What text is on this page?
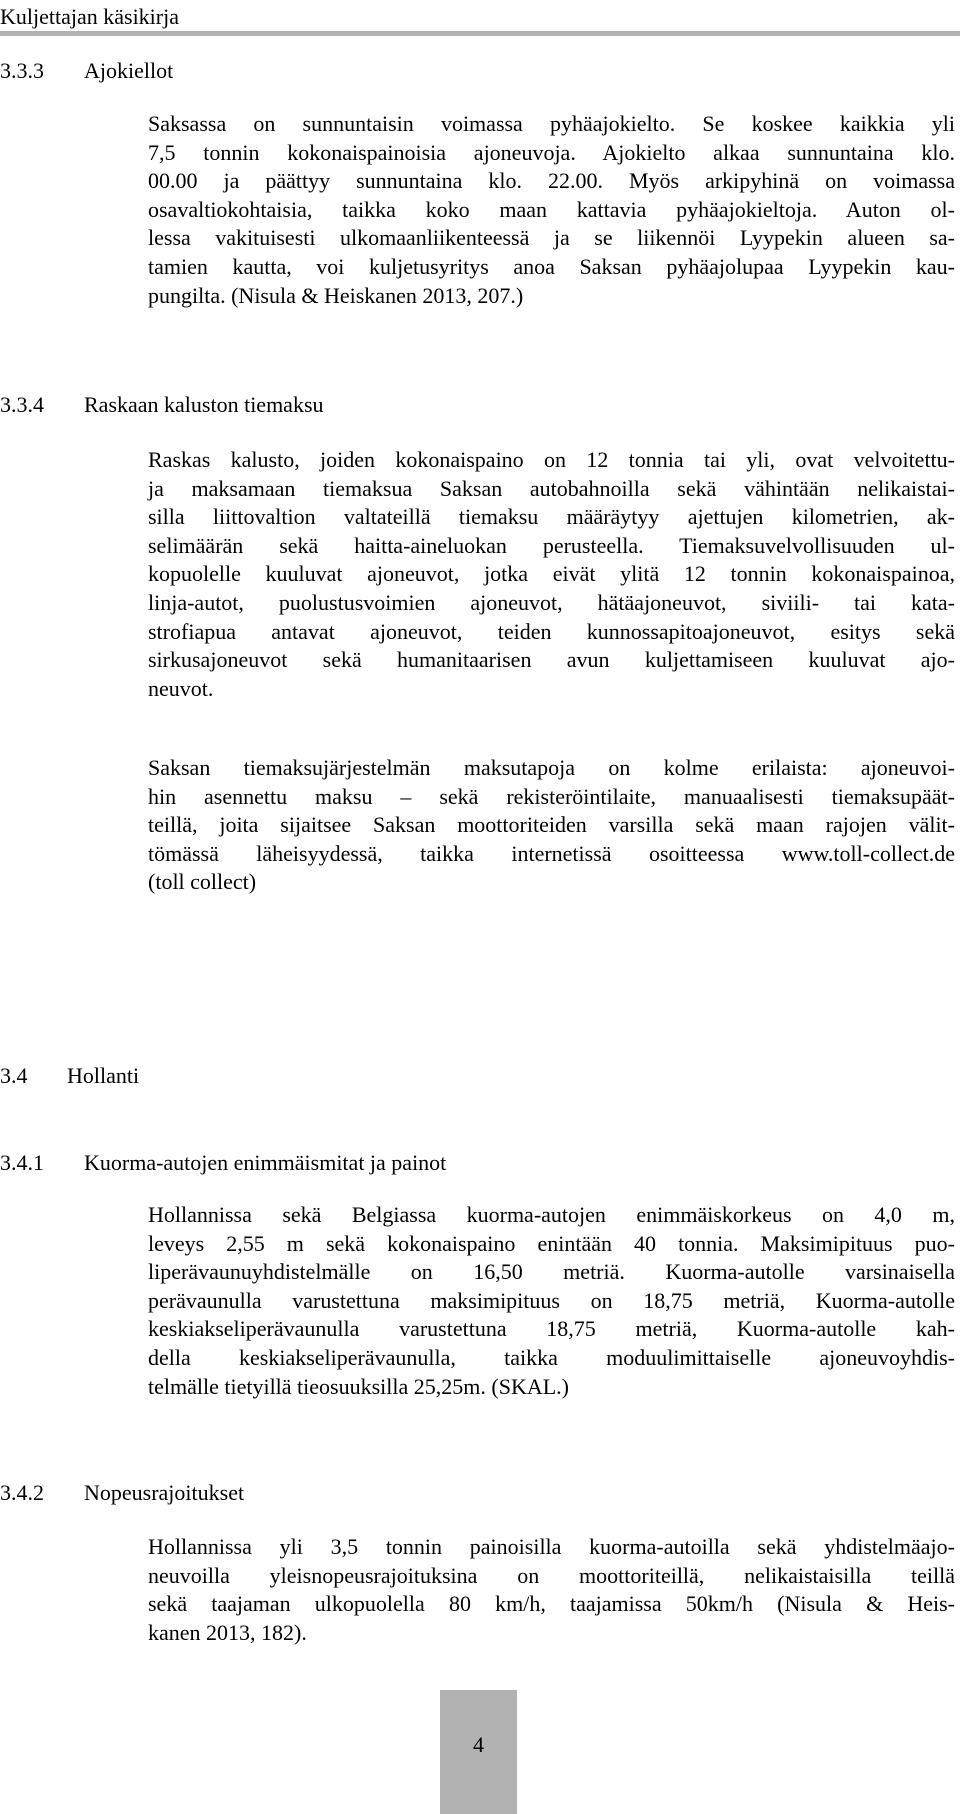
Kuljettajan käsikirja
3.3.3 Ajokiellot
Saksassa on sunnuntaisin voimassa pyhäajokielto. Se koskee kaikkia yli
7,5 tonnin kokonaispainoisia ajoneuvoja. Ajokielto alkaa sunnuntaina klo.
00.00 ja päättyy sunnuntaina klo. 22.00. Myös arkipyhinä on voimassa
osavaltiokohtaisia, taikka koko maan kattavia pyhäajokieltoja. Auton ol-
lessa vakituisesti ulkomaanliikenteessä ja se liikennöi Lyypekin alueen sa-
tamien kautta, voi kuljetusyritys anoa Saksan pyhäajolupaa Lyypekin kau-
pungilta. (Nisula & Heiskanen 2013, 207.)
3.3.4 Raskaan kaluston tiemaksu
Raskas kalusto, joiden kokonaispaino on 12 tonnia tai yli, ovat velvoitettu-
ja maksamaan tiemaksua Saksan autobahnoilla sekä vähintään nelikaistai-
silla liittovaltion valtateillä tiemaksu määräytyy ajettujen kilometrien, ak-
selimäärän sekä haitta-aineluokan perusteella. Tiemaksuvelvollisuuden ul-
kopuolelle kuuluvat ajoneuvot, jotka eivät ylitä 12 tonnin kokonaispainoa,
linja-autot, puolustusvoimien ajoneuvot, hätäajoneuvot, siviili- tai kata-
strofiapua antavat ajoneuvot, teiden kunnossapitoajoneuvot, esitys sekä
sirkusajoneuvot sekä humanitaarisen avun kuljettamiseen kuuluvat ajo-
neuvot.
Saksan tiemaksujärjestelmän maksutapoja on kolme erilaista: ajoneuvoi-
hin asennettu maksu – sekä rekisteröintilaite, manuaalisesti tiemaksupäät-
teillä, joita sijaitsee Saksan moottoriteiden varsilla sekä maan rajojen välit-
tömässä läheisyydessä, taikka internetissä osoitteessa www.toll-collect.de
(toll collect)
3.4 Hollanti
3.4.1 Kuorma-autojen enimmäismitat ja painot
Hollannissa sekä Belgiassa kuorma-autojen enimmäiskorkeus on 4,0 m,
leveys 2,55 m sekä kokonaispaino enintään 40 tonnia. Maksimipituus puo-
liperävaunuyhdistelmälle on 16,50 metriä. Kuorma-autolle varsinaisella
perävaunulla varustettuna maksimipituus on 18,75 metriä, Kuorma-autolle
keskiakseliperävaunulla varustettuna 18,75 metriä, Kuorma-autolle kah-
della keskiakseliperävaunulla, taikka moduulimittaiselle ajoneuvoyhdis-
telmälle tietyillä tieosuuksilla 25,25m. (SKAL.)
3.4.2 Nopeusrajoitukset
Hollannissa yli 3,5 tonnin painoisilla kuorma-autoilla sekä yhdistelmäajo-
neuvoilla yleisnopeusrajoituksina on moottoriteillä, nelikaistaisilla teillä
sekä taajaman ulkopuolella 80 km/h, taajamissa 50km/h (Nisula & Heis-
kanen 2013, 182).
4
